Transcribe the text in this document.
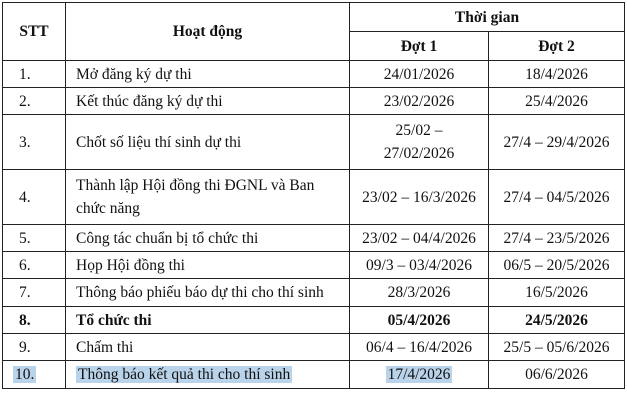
STT	Hoạt động	Thời gian	
		Đợt 1	Đợt 2
1.	Mở đăng ký dự thi	24/01/2026	18/4/2026
2.	Kết thúc đăng ký dự thi	23/02/2026	25/4/2026
3.	Chốt số liệu thí sinh dự thi	25/02 – 27/02/2026	27/4 – 29/4/2026
4.	Thành lập Hội đồng thi ĐGNL và Ban chức năng	23/02 – 16/3/2026	27/4 – 04/5/2026
5.	Công tác chuẩn bị tổ chức thi	23/02 – 04/4/2026	27/4 – 23/5/2026
6.	Họp Hội đồng thi	09/3 – 03/4/2026	06/5 – 20/5/2026
7.	Thông báo phiếu báo dự thi cho thí sinh	28/3/2026	16/5/2026
8.	Tổ chức thi	05/4/2026	24/5/2026
9.	Chấm thi	06/4 – 16/4/2026	25/5 – 05/6/2026
10.	Thông báo kết quả thi cho thí sinh	17/4/2026	06/6/2026
